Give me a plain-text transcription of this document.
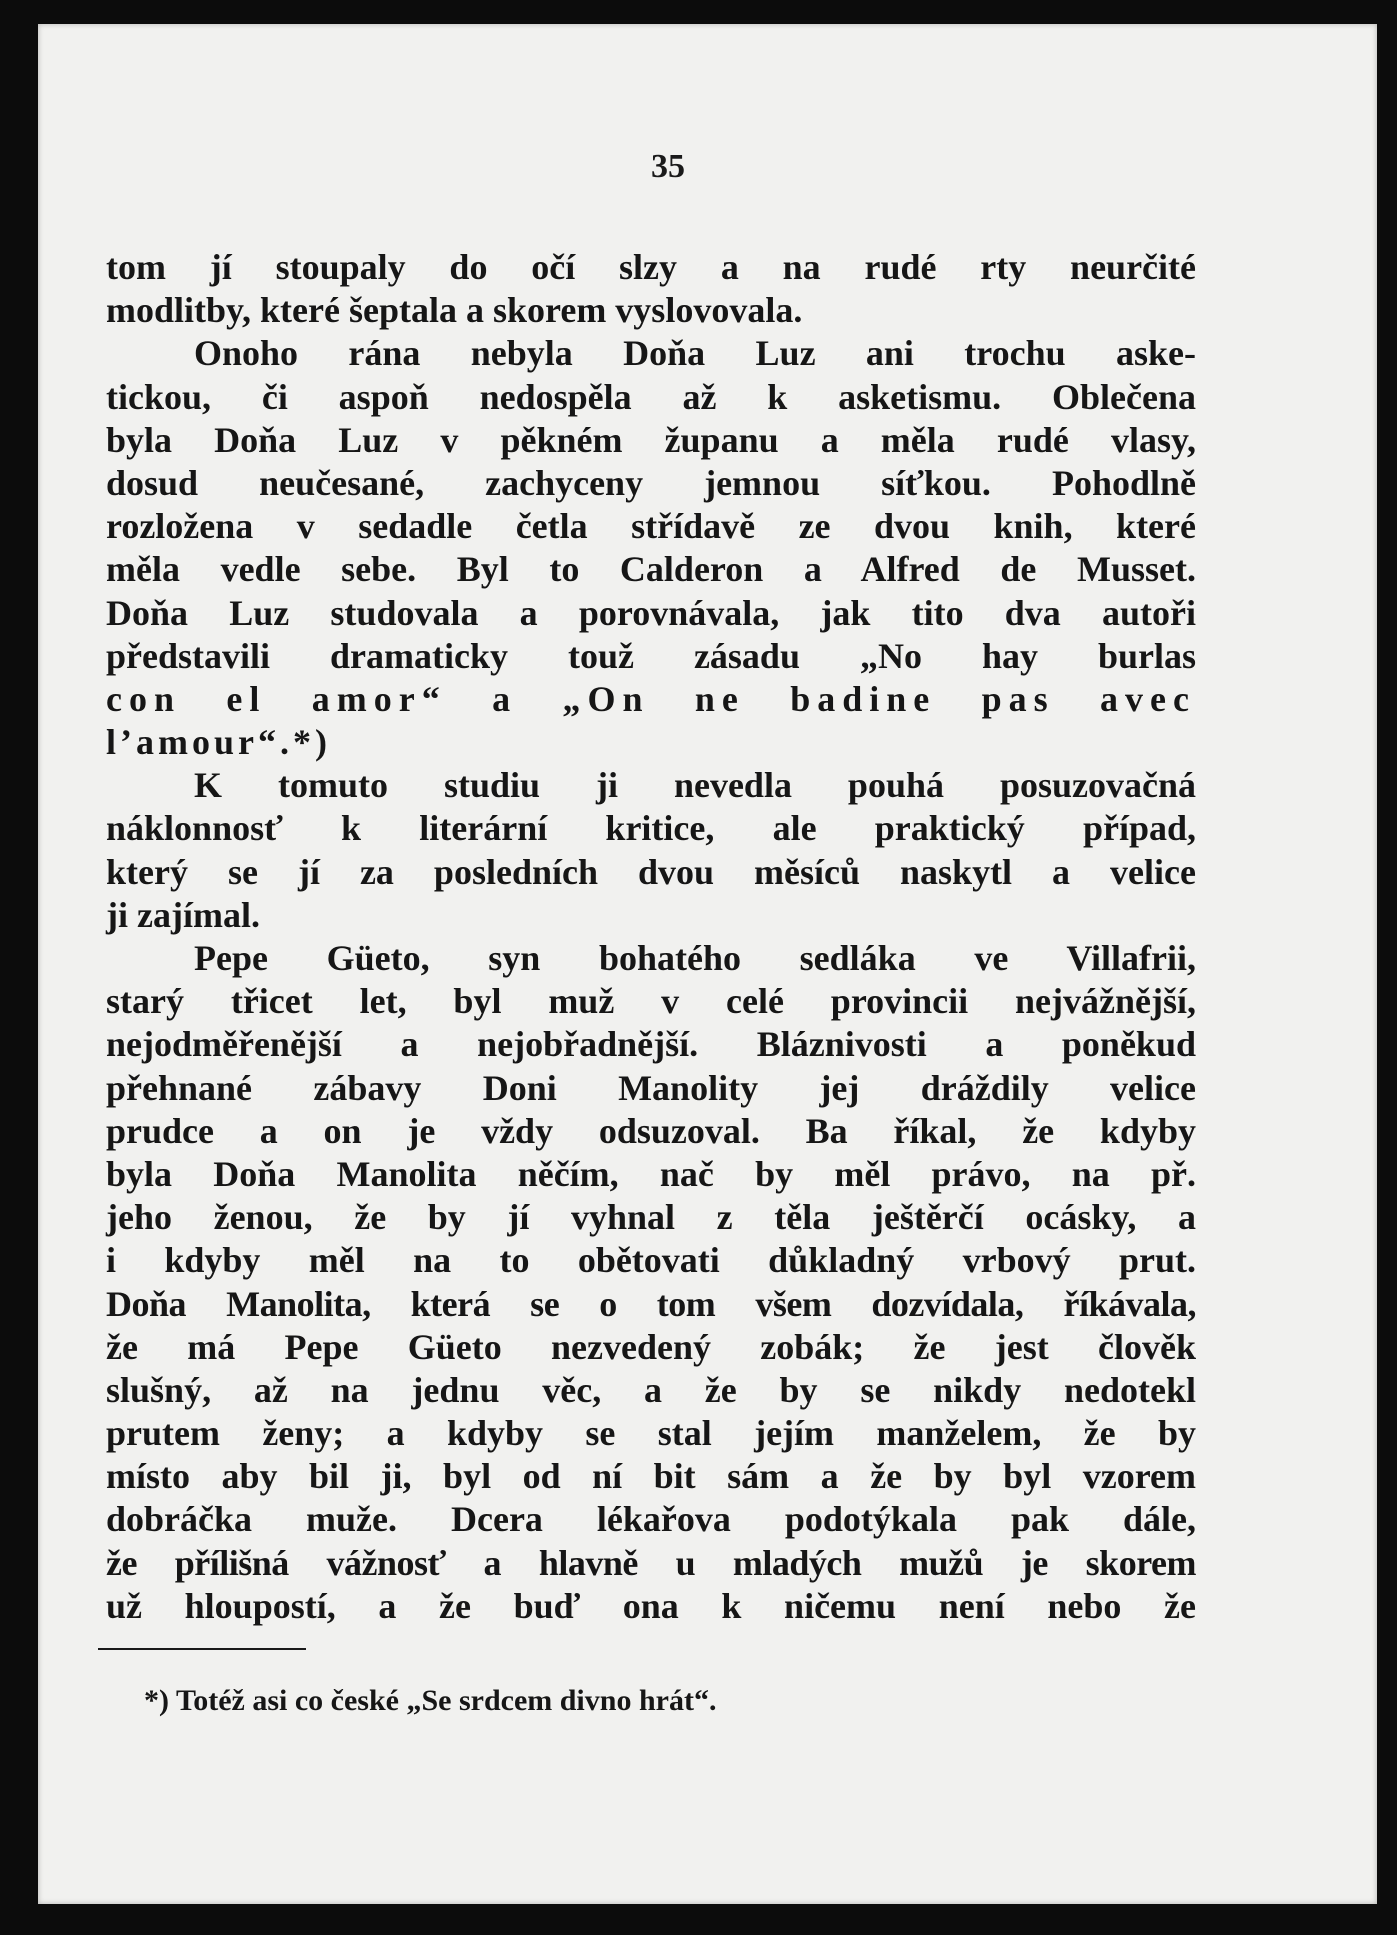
35
tom jí stoupaly do očí slzy a na rudé rty neurčité
modlitby, které šeptala a skorem vyslovovala.
Onoho rána nebyla Doňa Luz ani trochu aske-
tickou, či aspoň nedospěla až k asketismu. Oblečena
byla Doňa Luz v pěkném županu a měla rudé vlasy,
dosud neučesané, zachyceny jemnou síťkou. Pohodlně
rozložena v sedadle četla střídavě ze dvou knih, které
měla vedle sebe. Byl to Calderon a Alfred de Musset.
Doňa Luz studovala a porovnávala, jak tito dva autoři
představili dramaticky touž zásadu „No hay burlas
con el amor“ a „On ne badine pas avec
l’amour“.*)
K tomuto studiu ji nevedla pouhá posuzovačná
náklonnosť k literární kritice, ale praktický případ,
který se jí za posledních dvou měsíců naskytl a velice
ji zajímal.
Pepe Güeto, syn bohatého sedláka ve Villafrii,
starý třicet let, byl muž v celé provincii nejvážnější,
nejodměřenější a nejobřadnější. Bláznivosti a poněkud
přehnané zábavy Doni Manolity jej dráždily velice
prudce a on je vždy odsuzoval. Ba říkal, že kdyby
byla Doňa Manolita něčím, nač by měl právo, na př.
jeho ženou, že by jí vyhnal z těla ještěrčí ocásky, a
i kdyby měl na to obětovati důkladný vrbový prut.
Doňa Manolita, která se o tom všem dozvídala, říkávala,
že má Pepe Güeto nezvedený zobák; že jest člověk
slušný, až na jednu věc, a že by se nikdy nedotekl
prutem ženy; a kdyby se stal jejím manželem, že by
místo aby bil ji, byl od ní bit sám a že by byl vzorem
dobráčka muže. Dcera lékařova podotýkala pak dále,
že přílišná vážnosť a hlavně u mladých mužů je skorem
už hloupostí, a že buď ona k ničemu není nebo že
*) Totéž asi co české „Se srdcem divno hrát“.
